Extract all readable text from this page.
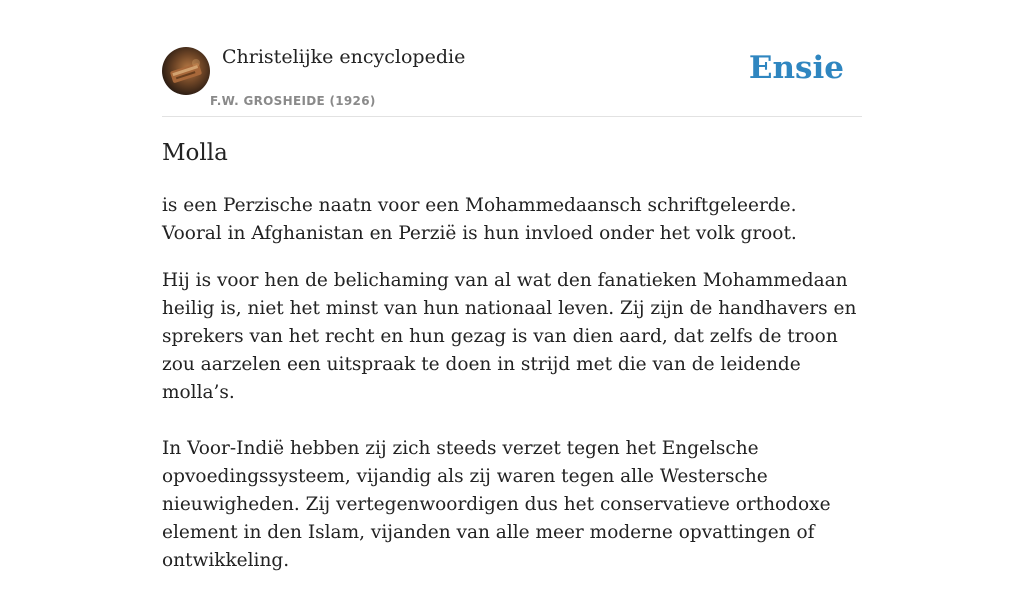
Christelijke encyclopedie
F.W. GROSHEIDE (1926)
Ensie
Molla

is een Perzische naatn voor een Mohammedaansch schriftgeleerde. Vooral in Afghanistan en Perzië is hun invloed onder het volk groot.

Hij is voor hen de belichaming van al wat den fanatieken Mohammedaan heilig is, niet het minst van hun nationaal leven. Zij zijn de handhavers en sprekers van het recht en hun gezag is van dien aard, dat zelfs de troon zou aarzelen een uitspraak te doen in strijd met die van de leidende molla’s.

In Voor-Indië hebben zij zich steeds verzet tegen het Engelsche opvoedingssysteem, vijandig als zij waren tegen alle Westersche nieuwigheden. Zij vertegenwoordigen dus het conservatieve orthodoxe element in den Islam, vijanden van alle meer moderne opvattingen of ontwikkeling.
